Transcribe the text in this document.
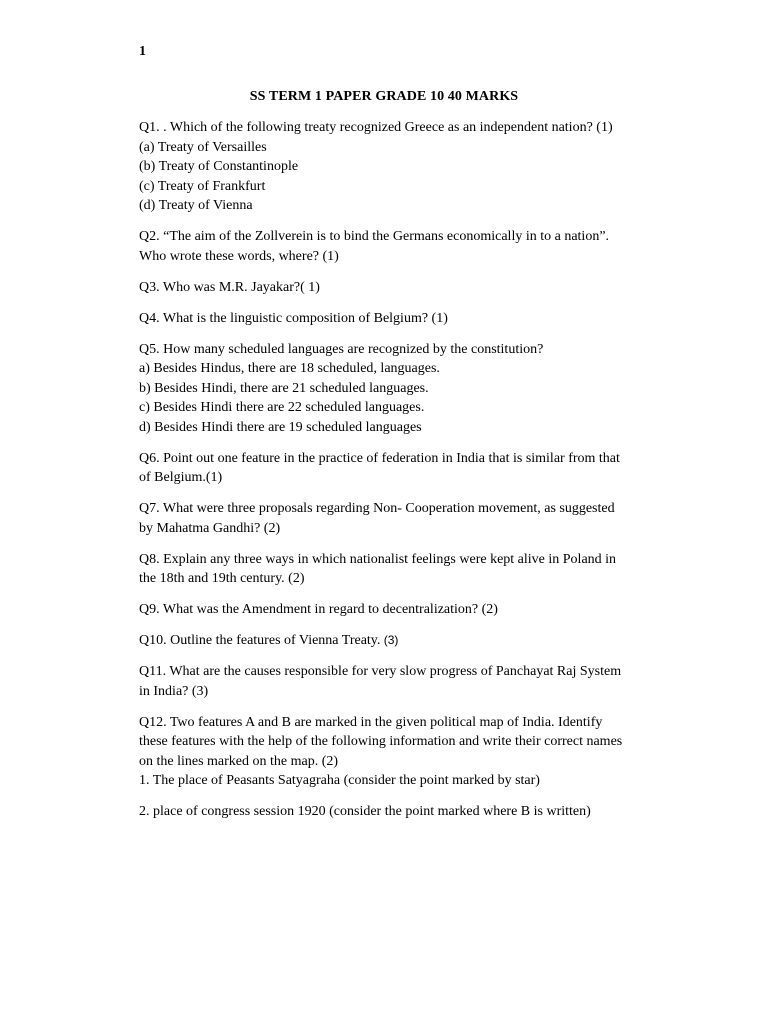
1
SS TERM 1 PAPER GRADE 10 40 MARKS
Q1. . Which of the following treaty recognized Greece as an independent nation? (1)
(a) Treaty of Versailles
(b) Treaty of Constantinople
(c) Treaty of Frankfurt
(d) Treaty of Vienna
Q2. “The aim of the Zollverein is to bind the Germans economically in to a nation”.
Who wrote these words, where? (1)
Q3. Who was M.R. Jayakar?( 1)
Q4. What is the linguistic composition of Belgium? (1)
Q5. How many scheduled languages are recognized by the constitution?
a) Besides Hindus, there are 18 scheduled, languages.
b) Besides Hindi, there are 21 scheduled languages.
c) Besides Hindi there are 22 scheduled languages.
d) Besides Hindi there are 19 scheduled languages
Q6. Point out one feature in the practice of federation in India that is similar from that
of Belgium.(1)
Q7. What were three proposals regarding Non- Cooperation movement, as suggested
by Mahatma Gandhi? (2)
Q8. Explain any three ways in which nationalist feelings were kept alive in Poland in
the 18th and 19th century. (2)
Q9. What was the Amendment in regard to decentralization? (2)
Q10. Outline the features of Vienna Treaty. (3)
Q11. What are the causes responsible for very slow progress of Panchayat Raj System
in India? (3)
Q12. Two features A and B are marked in the given political map of India. Identify
these features with the help of the following information and write their correct names
on the lines marked on the map. (2)
1. The place of Peasants Satyagraha (consider the point marked by star)
2. place of congress session 1920 (consider the point marked where B is written)
